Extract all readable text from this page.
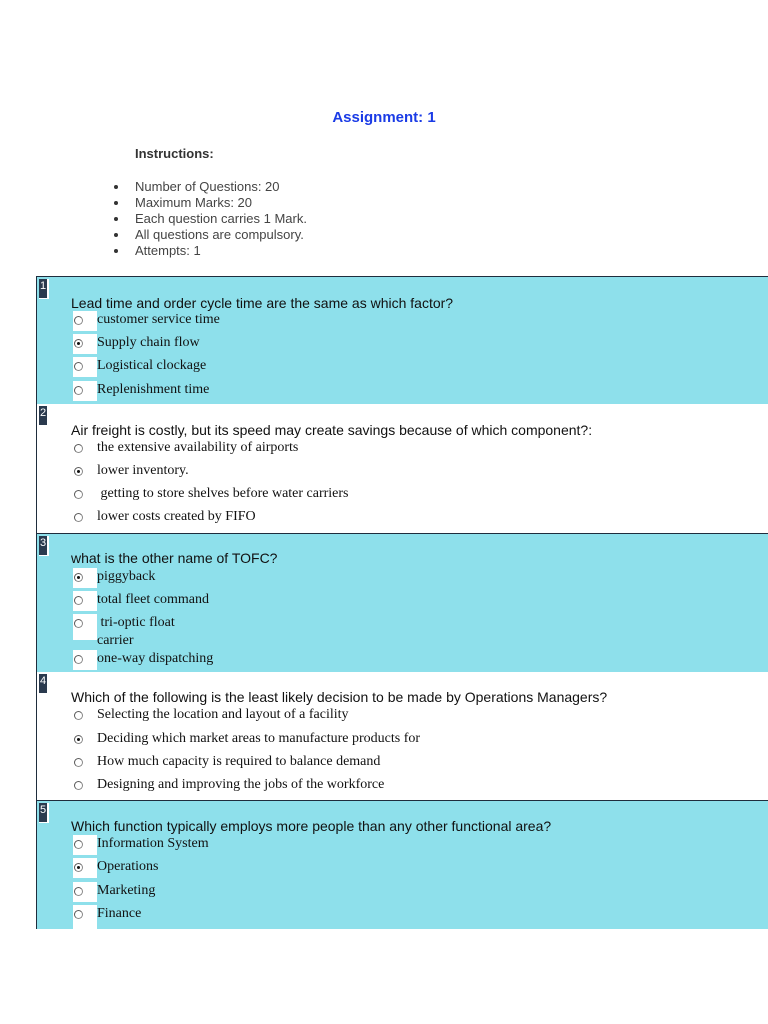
Assignment: 1
Instructions:
Number of Questions: 20
Maximum Marks: 20
Each question carries 1 Mark.
All questions are compulsory.
Attempts: 1
1
Lead time and order cycle time are the same as which factor?
customer service time
Supply chain flow
Logistical clockage
Replenishment time
2
Air freight is costly, but its speed may create savings because of which component?:
the extensive availability of airports
lower inventory.
getting to store shelves before water carriers
lower costs created by FIFO
3
what is the other name of TOFC?
piggyback
total fleet command
tri-optic float
carrier
one-way dispatching
4
Which of the following is the least likely decision to be made by Operations Managers?
Selecting the location and layout of a facility
Deciding which market areas to manufacture products for
How much capacity is required to balance demand
Designing and improving the jobs of the workforce
5
Which function typically employs more people than any other functional area?
Information System
Operations
Marketing
Finance
